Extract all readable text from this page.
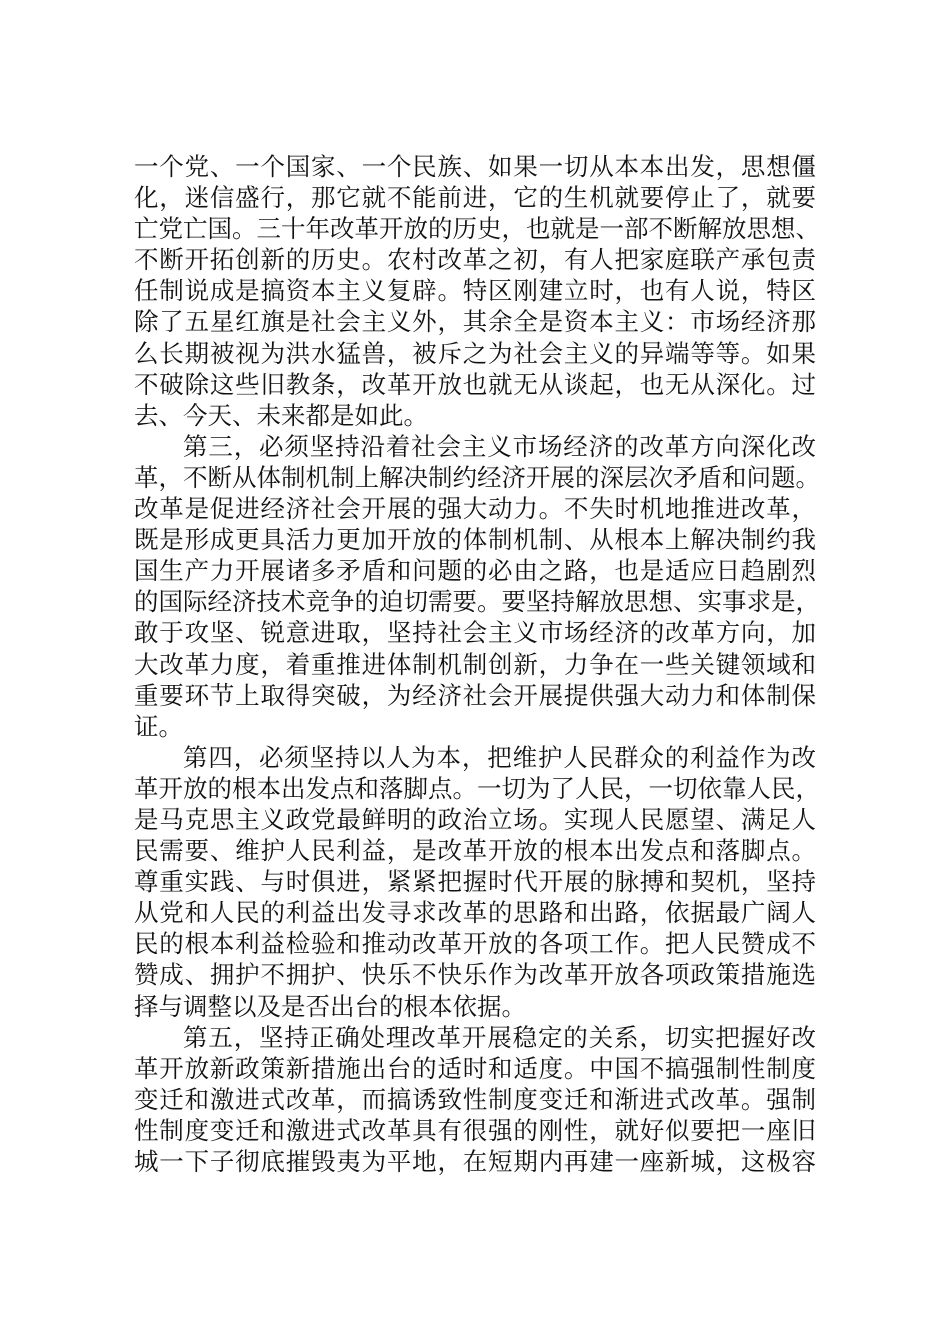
一个党、一个国家、一个民族、如果一切从本本出发，思想僵
化，迷信盛行，那它就不能前进，它的生机就要停止了，就要
亡党亡国。三十年改革开放的历史，也就是一部不断解放思想、
不断开拓创新的历史。农村改革之初，有人把家庭联产承包责
任制说成是搞资本主义复辟。特区刚建立时，也有人说，特区
除了五星红旗是社会主义外，其余全是资本主义：市场经济那
么长期被视为洪水猛兽，被斥之为社会主义的异端等等。如果
不破除这些旧教条，改革开放也就无从谈起，也无从深化。过
去、今天、未来都是如此。
第三，必须坚持沿着社会主义市场经济的改革方向深化改
革，不断从体制机制上解决制约经济开展的深层次矛盾和问题。
改革是促进经济社会开展的强大动力。不失时机地推进改革，
既是形成更具活力更加开放的体制机制、从根本上解决制约我
国生产力开展诸多矛盾和问题的必由之路，也是适应日趋剧烈
的国际经济技术竞争的迫切需要。要坚持解放思想、实事求是，
敢于攻坚、锐意进取，坚持社会主义市场经济的改革方向，加
大改革力度，着重推进体制机制创新，力争在一些关键领域和
重要环节上取得突破，为经济社会开展提供强大动力和体制保
证。
第四，必须坚持以人为本，把维护人民群众的利益作为改
革开放的根本出发点和落脚点。一切为了人民，一切依靠人民，
是马克思主义政党最鲜明的政治立场。实现人民愿望、满足人
民需要、维护人民利益，是改革开放的根本出发点和落脚点。
尊重实践、与时俱进，紧紧把握时代开展的脉搏和契机，坚持
从党和人民的利益出发寻求改革的思路和出路，依据最广阔人
民的根本利益检验和推动改革开放的各项工作。把人民赞成不
赞成、拥护不拥护、快乐不快乐作为改革开放各项政策措施选
择与调整以及是否出台的根本依据。
第五，坚持正确处理改革开展稳定的关系，切实把握好改
革开放新政策新措施出台的适时和适度。中国不搞强制性制度
变迁和激进式改革，而搞诱致性制度变迁和渐进式改革。强制
性制度变迁和激进式改革具有很强的刚性，就好似要把一座旧
城一下子彻底摧毁夷为平地，在短期内再建一座新城，这极容
